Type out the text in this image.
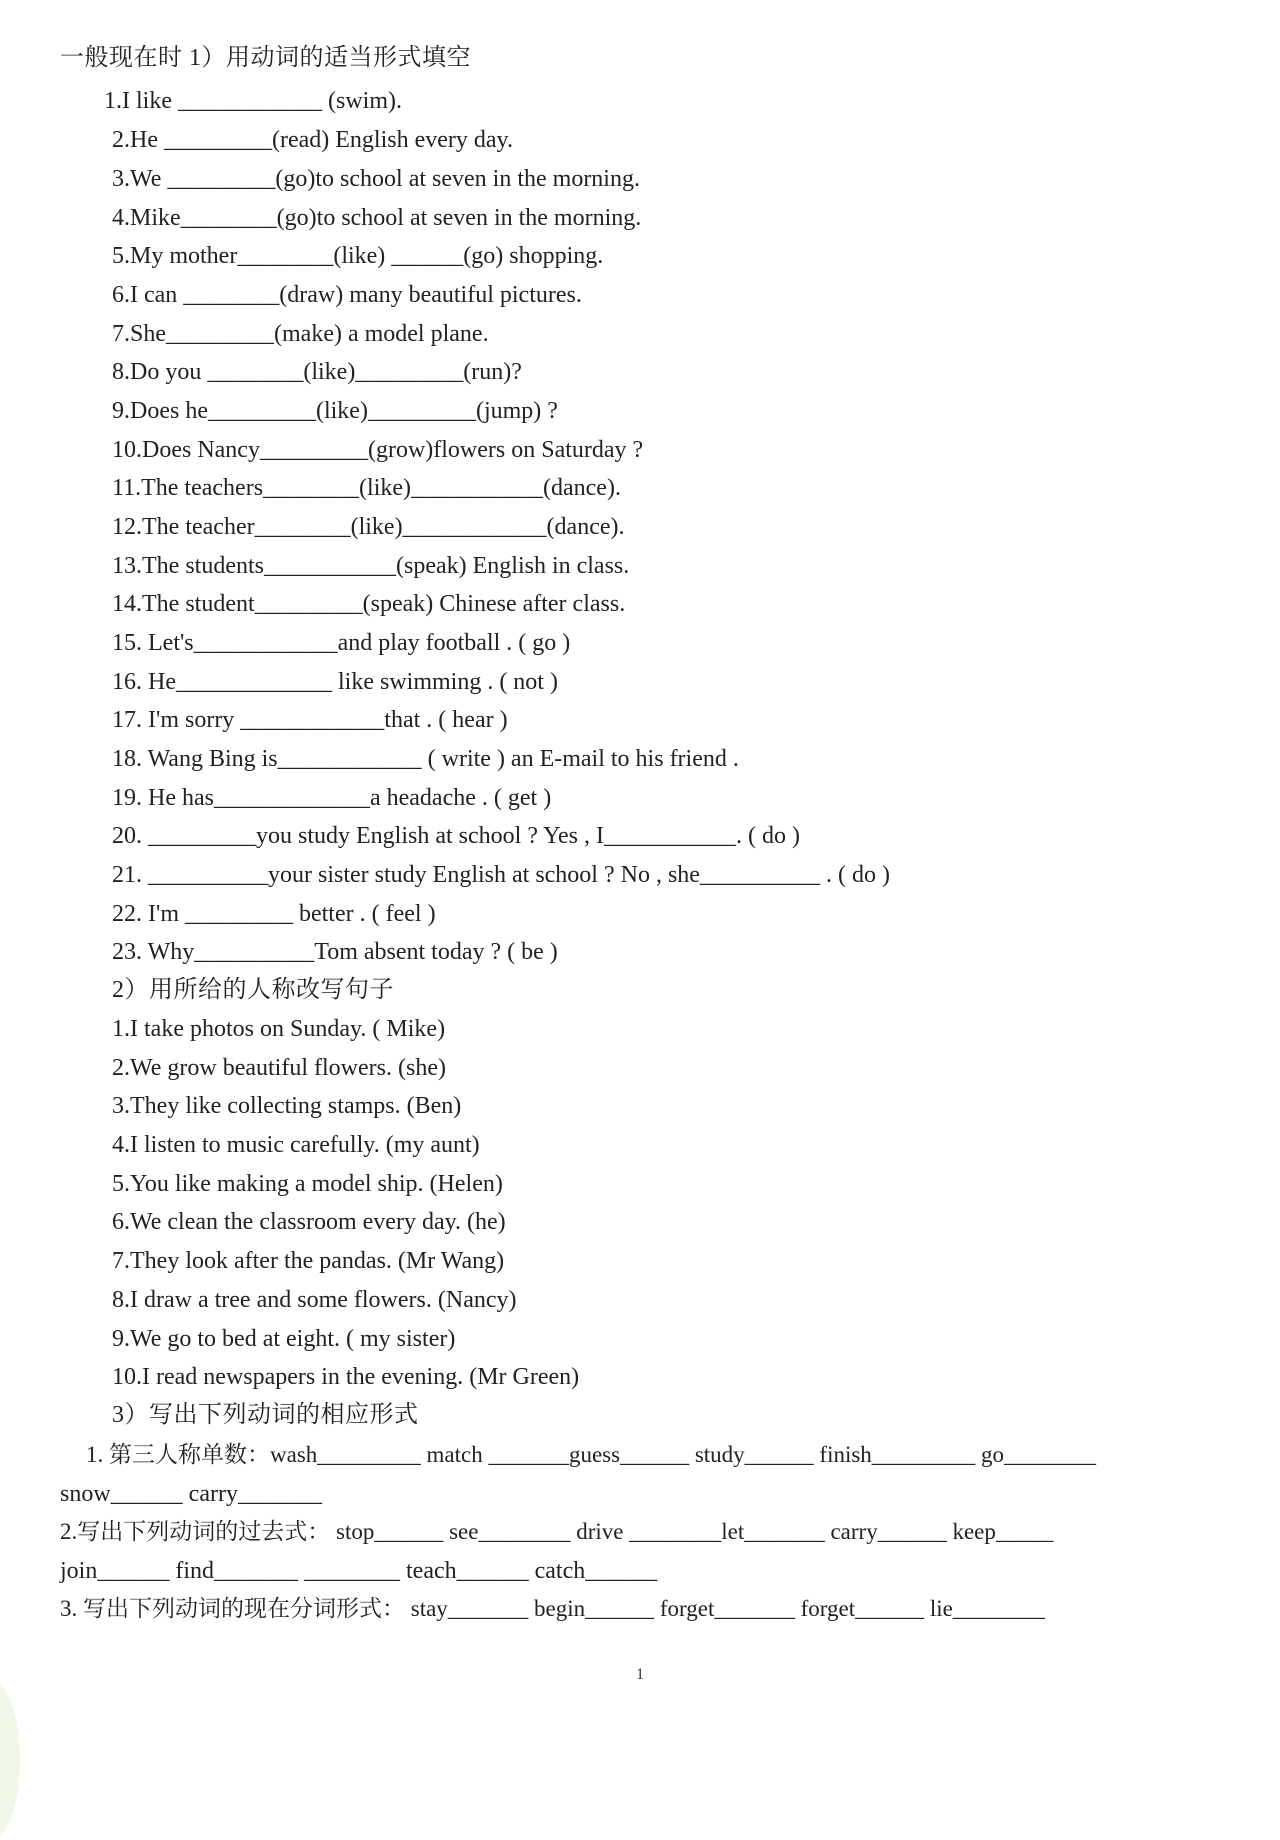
一般现在时 1）用动词的适当形式填空
1.I like ____________ (swim).
2.He _________(read) English every day.
3.We _________(go)to school at seven in the morning.
4.Mike________(go)to school at seven in the morning.
5.My mother________(like) ______(go) shopping.
6.I can ________(draw) many beautiful pictures.
7.She_________(make) a model plane.
8.Do you ________(like)_________(run)?
9.Does he_________(like)_________(jump) ?
10.Does Nancy_________(grow)flowers on Saturday ?
11.The teachers________(like)___________(dance).
12.The teacher________(like)____________(dance).
13.The students___________(speak) English in class.
14.The student_________(speak) Chinese after class.
15. Let's____________and play football . ( go )
16. He_____________ like swimming . ( not )
17. I'm sorry ____________that . ( hear )
18. Wang Bing is____________ ( write ) an E-mail to his friend .
19. He has_____________a headache . ( get )
20. _________you study English at school ? Yes , I___________. ( do )
21. __________your sister study English at school ? No , she__________ . ( do )
22. I'm _________ better . ( feel )
23. Why__________Tom absent today ? ( be )
2）用所给的人称改写句子
1.I take photos on Sunday. ( Mike)
2.We grow beautiful flowers. (she)
3.They like collecting stamps. (Ben)
4.I listen to music carefully. (my aunt)
5.You like making a model ship. (Helen)
6.We clean the classroom every day. (he)
7.They look after the pandas. (Mr Wang)
8.I draw a tree and some flowers. (Nancy)
9.We go to bed at eight. ( my sister)
10.I read newspapers in the evening. (Mr Green)
3）写出下列动词的相应形式
1. 第三人称单数：wash_________ match _______guess______ study______ finish_________ go________
snow______ carry_______
2.写出下列动词的过去式： stop______ see________ drive ________let_______ carry______ keep_____
join______ find_______ ________ teach______ catch______
3. 写出下列动词的现在分词形式： stay_______ begin______ forget_______ forget______ lie________
1
